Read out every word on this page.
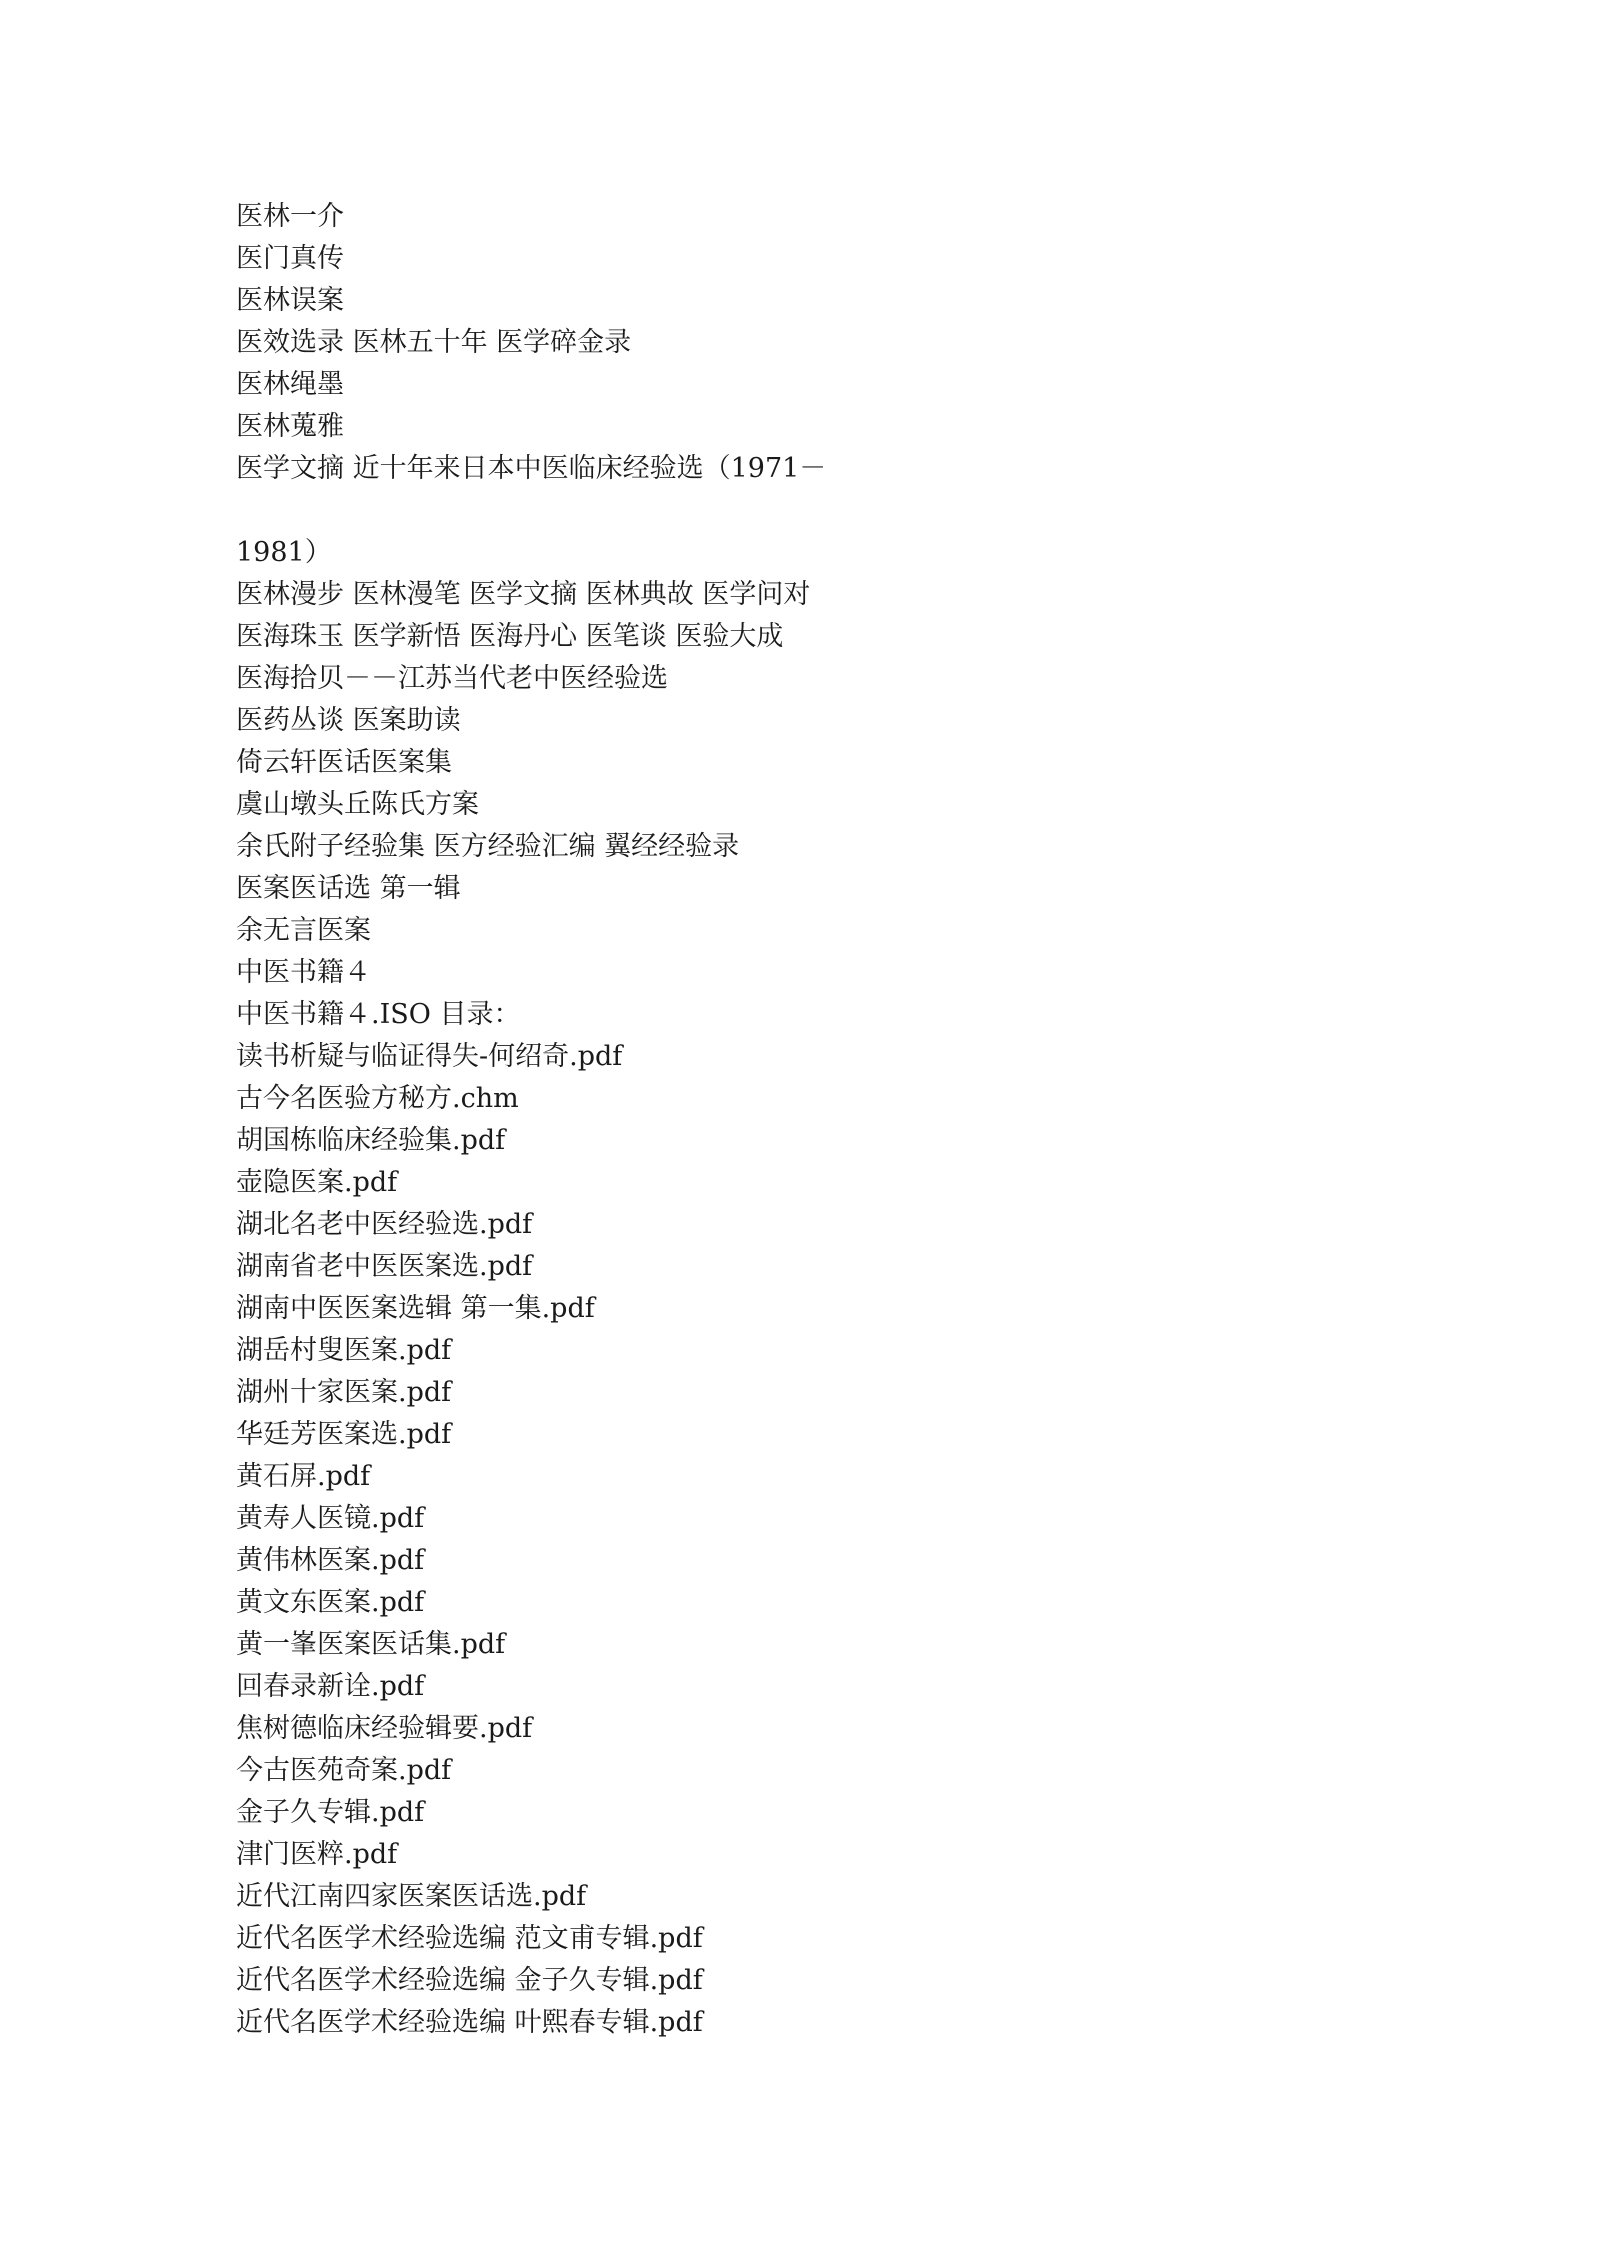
医林一介
医门真传
医林误案
医效选录 医林五十年 医学碎金录
医林绳墨
医林蒐雅
医学文摘 近十年来日本中医临床经验选（1971－
1981）
医林漫步 医林漫笔 医学文摘 医林典故 医学问对
医海珠玉 医学新悟 医海丹心 医笔谈 医验大成
医海拾贝－－江苏当代老中医经验选
医药丛谈 医案助读
倚云轩医话医案集
虞山墩头丘陈氏方案
余氏附子经验集 医方经验汇编 翼经经验录
医案医话选 第一辑
余无言医案
中医书籍４
中医书籍４.ISO 目录：
读书析疑与临证得失-何绍奇.pdf
古今名医验方秘方.chm
胡国栋临床经验集.pdf
壶隐医案.pdf
湖北名老中医经验选.pdf
湖南省老中医医案选.pdf
湖南中医医案选辑 第一集.pdf
湖岳村叟医案.pdf
湖州十家医案.pdf
华廷芳医案选.pdf
黄石屏.pdf
黄寿人医镜.pdf
黄伟林医案.pdf
黄文东医案.pdf
黄一峯医案医话集.pdf
回春录新诠.pdf
焦树德临床经验辑要.pdf
今古医苑奇案.pdf
金子久专辑.pdf
津门医粹.pdf
近代江南四家医案医话选.pdf
近代名医学术经验选编 范文甫专辑.pdf
近代名医学术经验选编 金子久专辑.pdf
近代名医学术经验选编 叶熙春专辑.pdf
